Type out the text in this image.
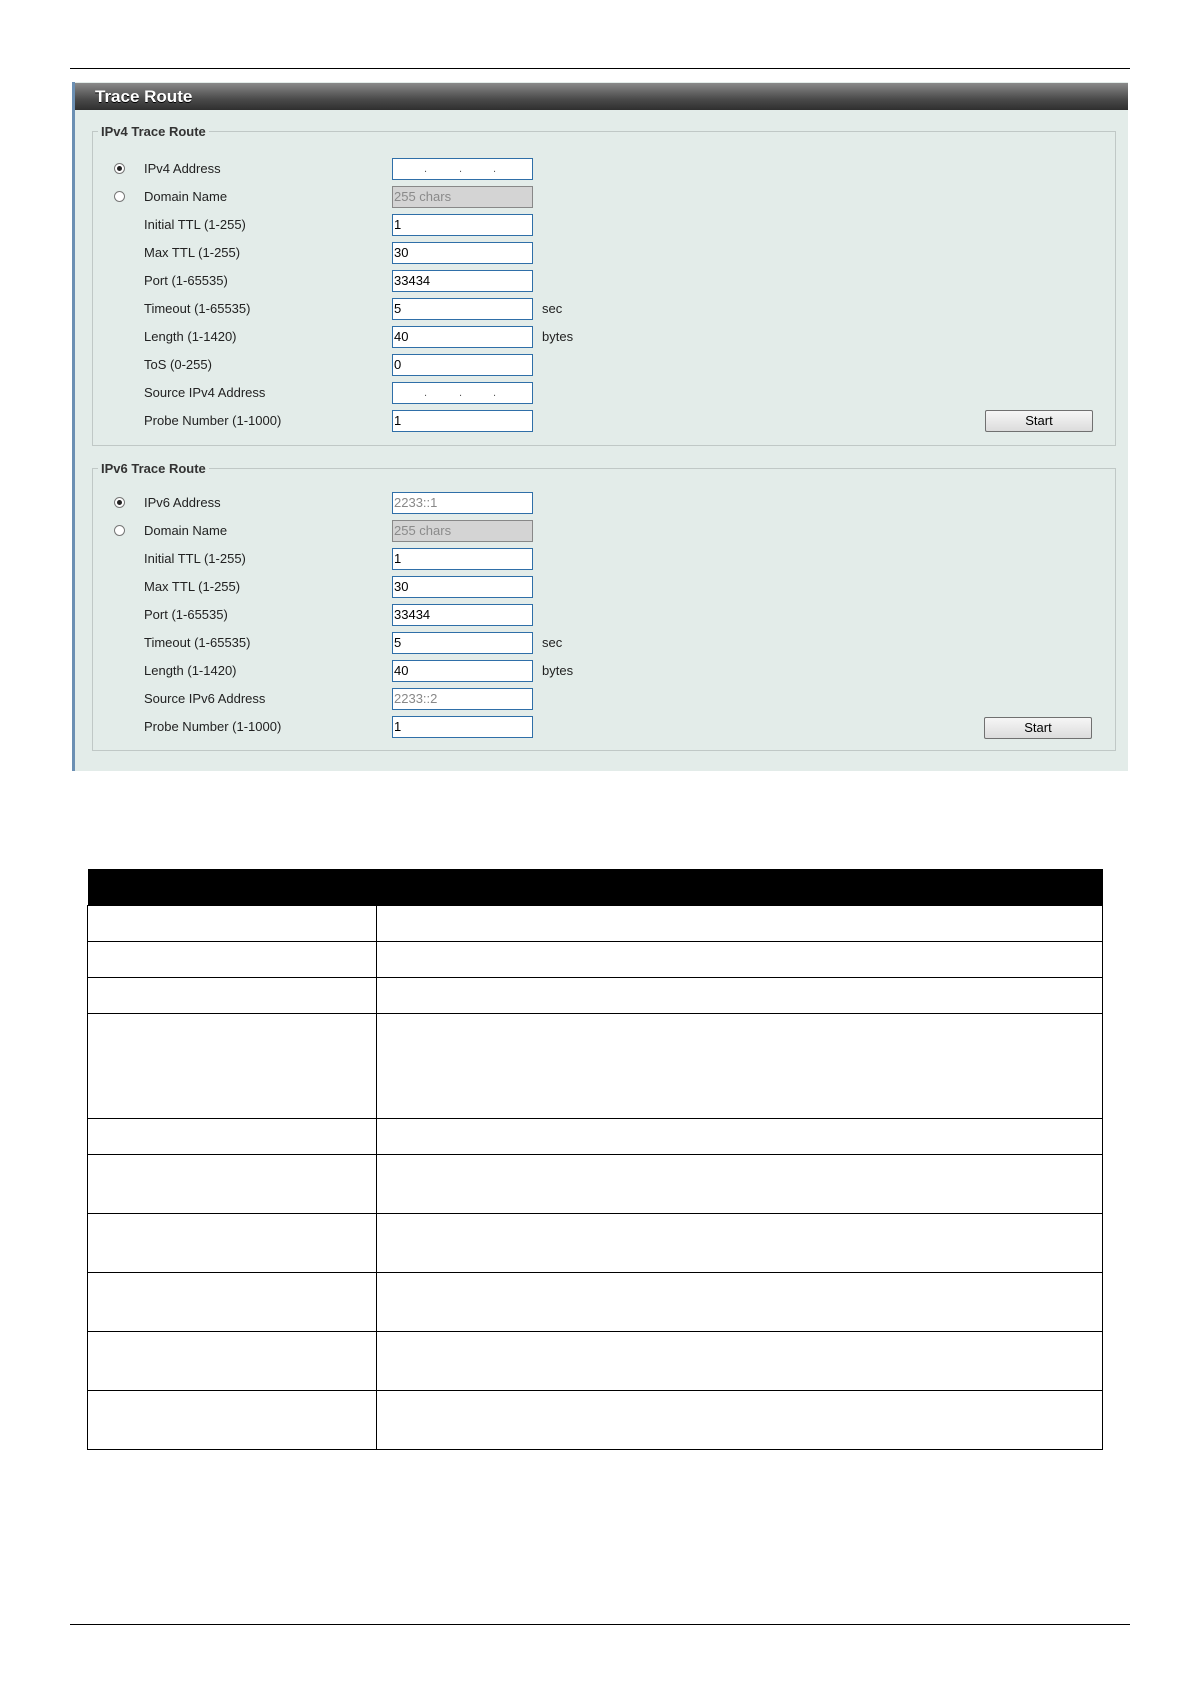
Trace Route
IPv4 Trace Route
IPv6 Trace Route
IPv4 Address	.	.	.
Domain Name	255 chars
Initial TTL (1-255)	1
Max TTL (1-255)	30
Port (1-65535)	33434
Timeout (1-65535)	5	sec
Length (1-1420)	40	bytes
ToS (0-255)	0
Source IPv4 Address	.	.	.
Probe Number (1-1000)	1	Start
IPv6 Address	2233::1
Domain Name	255 chars
Initial TTL (1-255)	1
Max TTL (1-255)	30
Port (1-65535)	33434
Timeout (1-65535)	5	sec
Length (1-1420)	40	bytes
Source IPv6 Address	2233::2
Probe Number (1-1000)	1	Start
